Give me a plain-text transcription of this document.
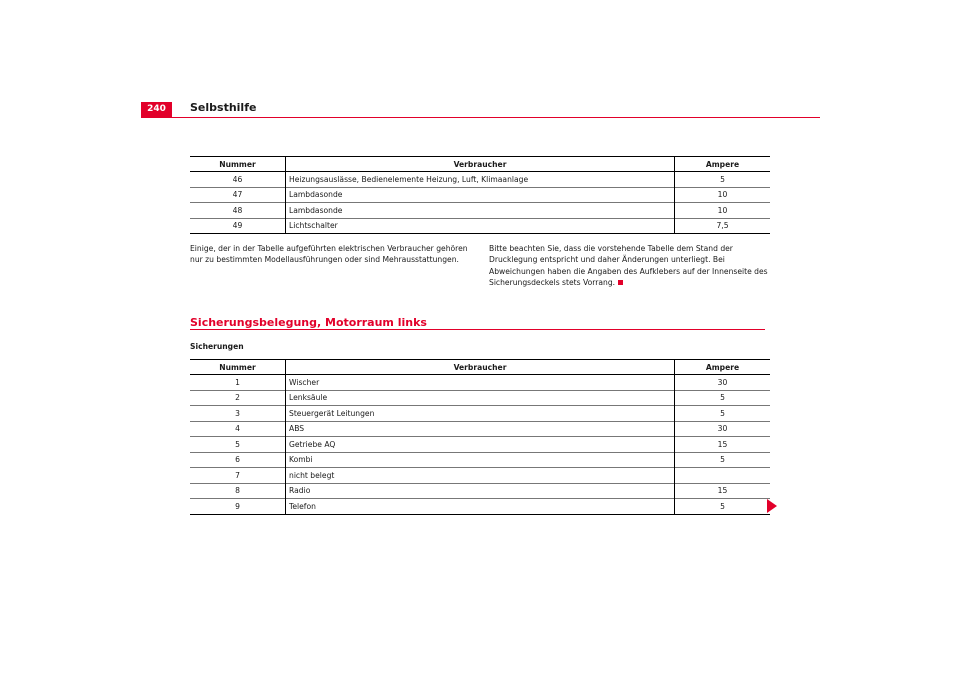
240	Selbsthilfe
Nummer	Verbraucher	Ampere
46	Heizungsauslässe, Bedienelemente Heizung, Luft, Klimaanlage	5
47	Lambdasonde	10
48	Lambdasonde	10
49	Lichtschalter	7,5
Einige, der in der Tabelle aufgeführten elektrischen Verbraucher gehören nur zu bestimmten Modellausführungen oder sind Mehrausstattungen.
Bitte beachten Sie, dass die vorstehende Tabelle dem Stand der Drucklegung entspricht und daher Änderungen unterliegt. Bei Abweichungen haben die Angaben des Aufklebers auf der Innenseite des Sicherungsdeckels stets Vorrang.
Sicherungsbelegung, Motorraum links
Sicherungen
Nummer	Verbraucher	Ampere
1	Wischer	30
2	Lenksäule	5
3	Steuergerät Leitungen	5
4	ABS	30
5	Getriebe AQ	15
6	Kombi	5
7	nicht belegt	
8	Radio	15
9	Telefon	5
